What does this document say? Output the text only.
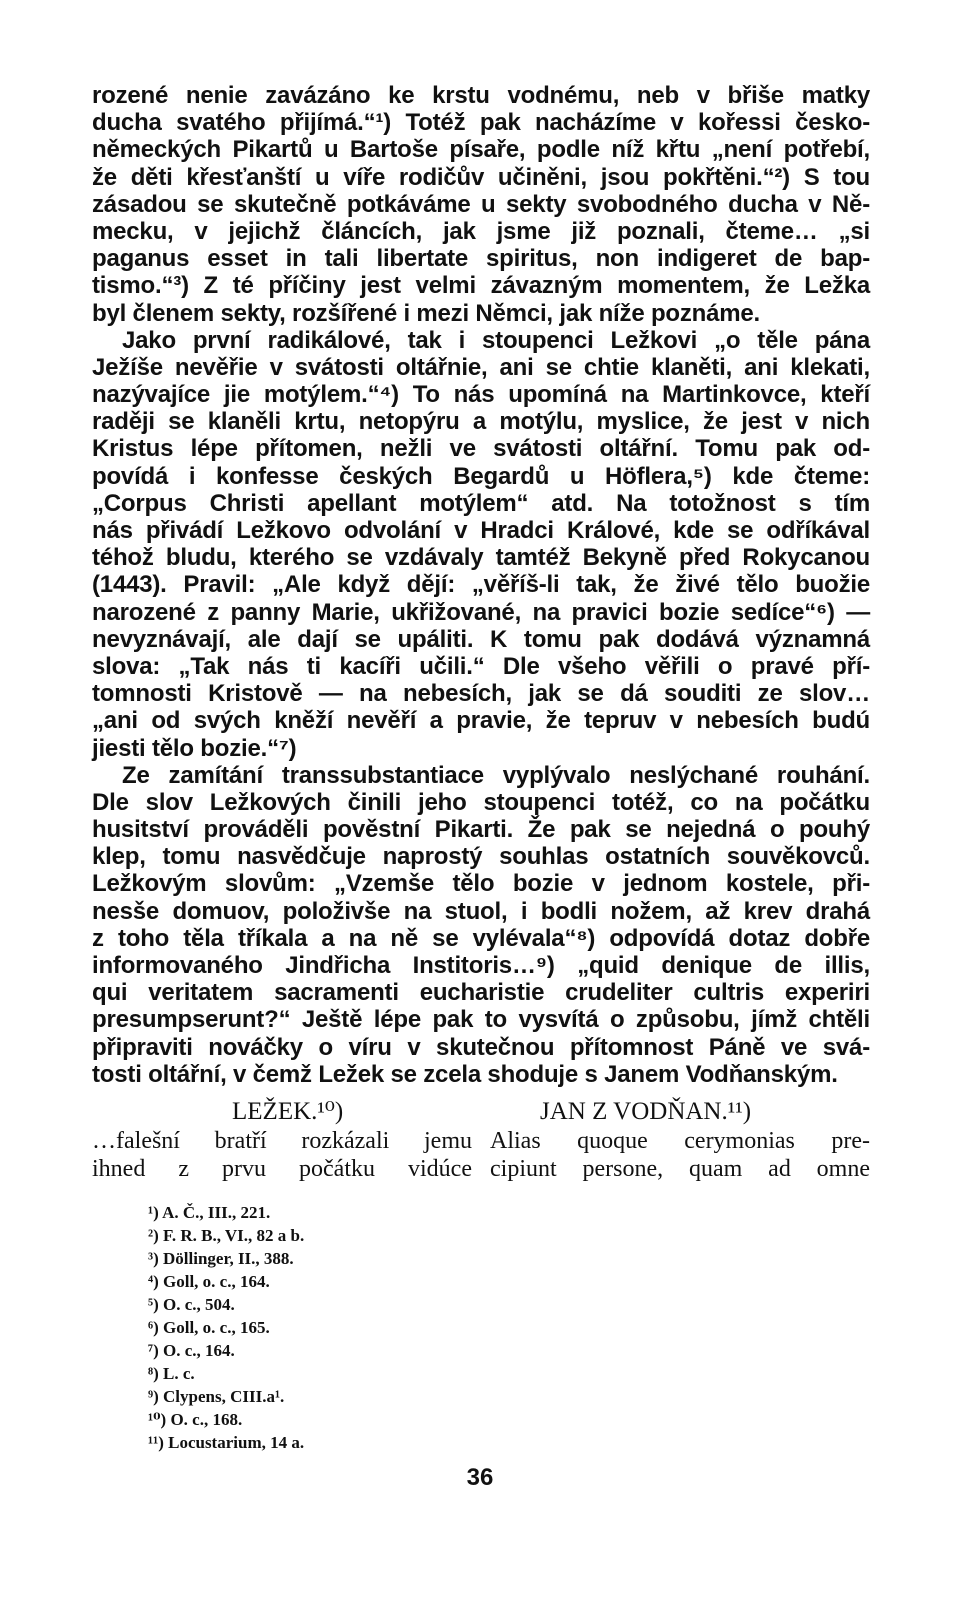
rozené nenie zavázáno ke krstu vodnému, neb v břiše matky
ducha svatého přijímá.“¹) Totéž pak nacházíme v kořessi česko-
německých Pikartů u Bartoše písaře, podle níž křtu „není potřebí,
že děti křesťanští u víře rodičův učiněni, jsou pokřtěni.“²) S tou
zásadou se skutečně potkáváme u sekty svobodného ducha v Ně-
mecku, v jejichž článcích, jak jsme již poznali, čteme… „si
paganus esset in tali libertate spiritus, non indigeret de bap-
tismo.“³) Z té příčiny jest velmi závazným momentem, že Ležka
byl členem sekty, rozšířené i mezi Němci, jak níže poznáme.
Jako první radikálové, tak i stoupenci Ležkovi „o těle pána
Ježíše nevěřie v svátosti oltářnie, ani se chtie klaněti, ani klekati,
nazývajíce jie motýlem.“⁴) To nás upomíná na Martinkovce, kteří
raději se klaněli krtu, netopýru a motýlu, myslice, že jest v nich
Kristus lépe přítomen, nežli ve svátosti oltářní. Tomu pak od-
povídá i konfesse českých Begardů u Höflera,⁵) kde čteme:
„Corpus Christi apellant motýlem“ atd. Na totožnost s tím
nás přivádí Ležkovo odvolání v Hradci Králové, kde se odříkával
téhož bludu, kterého se vzdávaly tamtéž Bekyně před Rokycanou
(1443). Pravil: „Ale když dějí: „věříš-li tak, že živé tělo buožie
narozené z panny Marie, ukřižované, na pravici bozie sedíce“⁶) —
nevyznávají, ale dají se upáliti. K tomu pak dodává významná
slova: „Tak nás ti kacíři učili.“ Dle všeho věřili o pravé pří-
tomnosti Kristově — na nebesích, jak se dá souditi ze slov…
„ani od svých kněží nevěří a pravie, že tepruv v nebesích budú
jiesti tělo bozie.“⁷)
Ze zamítání transsubstantiace vyplývalo neslýchané rouhání.
Dle slov Ležkových činili jeho stoupenci totéž, co na počátku
husitství prováděli pověstní Pikarti. Že pak se nejedná o pouhý
klep, tomu nasvědčuje naprostý souhlas ostatních souvěkovců.
Ležkovým slovům: „Vzemše tělo bozie v jednom kostele, při-
nesše domuov, položivše na stuol, i bodli nožem, až krev drahá
z toho těla tříkala a na ně se vylévala“⁸) odpovídá dotaz dobře
informovaného Jindřicha Institoris…⁹) „quid denique de illis,
qui veritatem sacramenti eucharistie crudeliter cultris experiri
presumpserunt?“ Ještě lépe pak to vysvítá o způsobu, jímž chtěli
připraviti nováčky o víru v skutečnou přítomnost Páně ve svá-
tosti oltářní, v čemž Ležek se zcela shoduje s Janem Vodňanským.
LEŽEK.¹⁰)
…falešní bratří rozkázali jemu
ihned z prvu počátku vidúce
JAN Z VODŇAN.¹¹)
Alias quoque cerymonias pre-
cipiunt persone, quam ad omne
¹) A. Č., III., 221.
²) F. R. B., VI., 82 a b.
³) Döllinger, II., 388.
⁴) Goll, o. c., 164.
⁵) O. c., 504.
⁶) Goll, o. c., 165.
⁷) O. c., 164.
⁸) L. c.
⁹) Clypens, CIII.a¹.
¹⁰) O. c., 168.
¹¹) Locustarium, 14 a.
36
